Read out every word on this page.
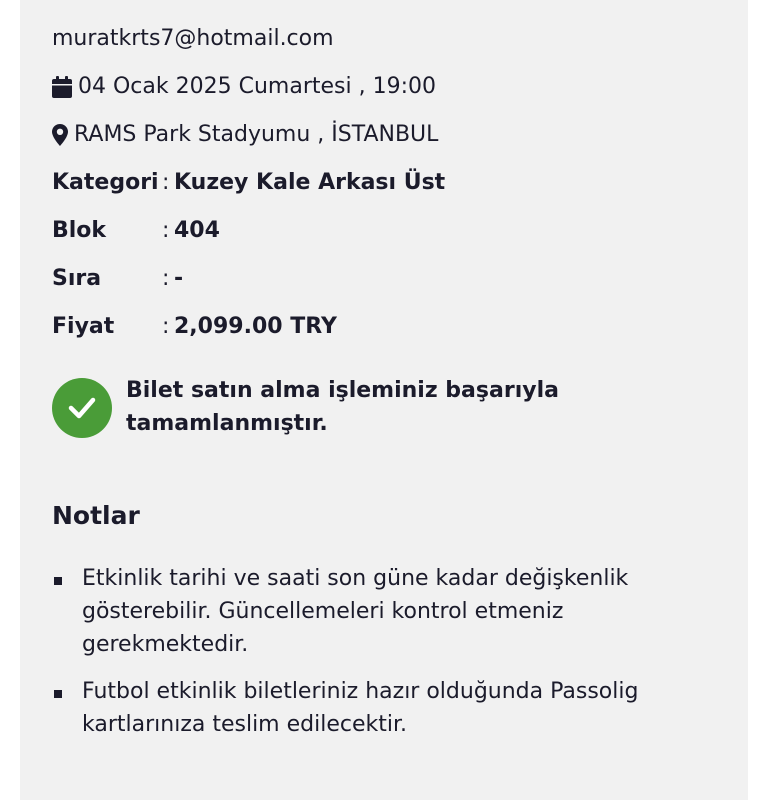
muratkrts7@hotmail.com
04 Ocak 2025 Cumartesi , 19:00
RAMS Park Stadyumu , İSTANBUL
Kategori : Kuzey Kale Arkası Üst
Blok	: 404
Sıra	: -
Fiyat : 2,099.00 TRY
Bilet satın alma işleminiz başarıyla tamamlanmıştır.
Notlar
Etkinlik tarihi ve saati son güne kadar değişkenlik gösterebilir. Güncellemeleri kontrol etmeniz gerekmektedir.
Futbol etkinlik biletleriniz hazır olduğunda Passolig kartlarınıza teslim edilecektir.
